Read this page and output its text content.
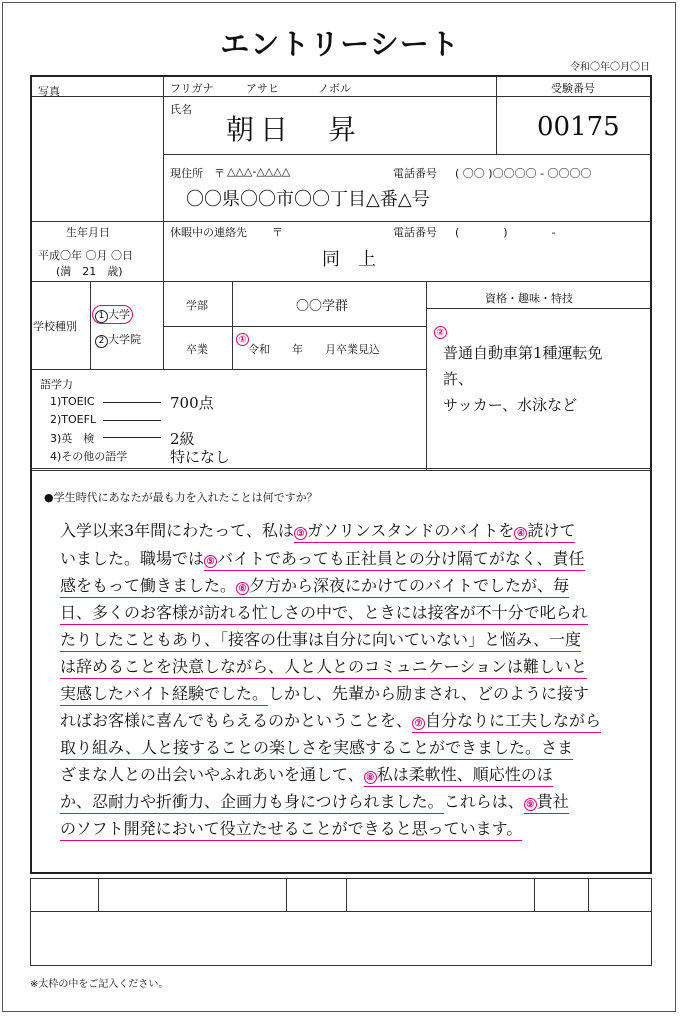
エントリーシート
令和〇年〇月〇日
写真	フリガナ	アサヒ	ノボル	受験番号
氏名
朝日　昇	00175
現住所 〒 △△△-△△△△	電話番号 ( 〇〇 )〇〇〇〇 - 〇〇〇〇
〇〇県〇〇市〇〇丁目△番△号
生年月日
平成〇年 〇月 〇日
(満　21　歳)
休暇中の連絡先 〒	電話番号 (　　　　)　　　　-
同　上
学校種別
1 大学
2 大学院
学部	〇〇学群
卒業
①
令和　　年　　月卒業見込
資格・趣味・特技
②
普通自動車第1種運転免
許、
サッカー、水泳など
語学力
1)TOEIC	700点
2)TOEFL
3)英　検	2級
4)その他の語学	特になし
●学生時代にあなたが最も力を入れたことは何ですか？
入学以来3年間にわたって、私は ③ ガソリンスタンドのバイトを ④ 読けて
いました。職場では ⑤ バイトであっても正社員との分け隔てがなく、責任
感をもって働きました。 ⑥ 夕方から深夜にかけてのバイトでしたが、毎
日、多くのお客様が訪れる忙しさの中で、ときには接客が不十分で叱られ
たりしたこともあり、「接客の仕事は自分に向いていない」と悩み、一度
は辞めることを決意しながら、人と人とのコミュニケーションは難しいと
実感したバイト経験でした。しかし、先輩から励まされ、どのように接す
ればお客様に喜んでもらえるのかということを、 ⑦ 自分なりに工夫しながら
取り組み、人と接することの楽しさを実感することができました。さま
ざまな人との出会いやふれあいを通して、 ⑧ 私は柔軟性、順応性のほ
か、忍耐力や折衝力、企画力も身につけられました。これらは、 ⑨ 貴社
のソフト開発において役立たせることができると思っています。
※太枠の中をご記入ください。
